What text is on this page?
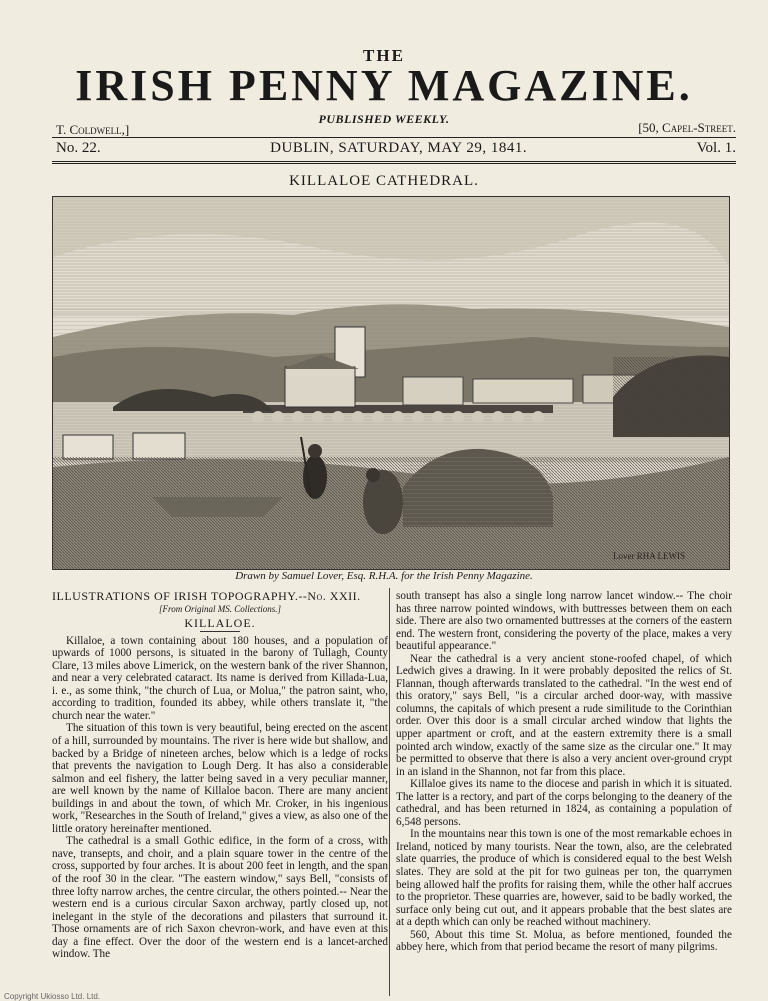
THE
IRISH PENNY MAGAZINE.
PUBLISHED WEEKLY.
T. Coldwell,]	[50, Capel-Street.
No. 22.	DUBLIN, SATURDAY, MAY 29, 1841.	Vol. 1.
KILLALOE CATHEDRAL.
Lover RHA LEWIS
Drawn by Samuel Lover, Esq. R.H.A. for the Irish Penny Magazine.
ILLUSTRATIONS OF IRISH TOPOGRAPHY.--No. XXII.
[From Original MS. Collections.]
KILLALOE.

Killaloe, a town containing about 180 houses, and a population of upwards of 1000 persons, is situated in the barony of Tullagh, County Clare, 13 miles above Limerick, on the western bank of the river Shannon, and near a very celebrated cataract. Its name is derived from Killada-Lua, i. e., as some think, "the church of Lua, or Molua," the patron saint, who, according to tradition, founded its abbey, while others translate it, "the church near the water."

The situation of this town is very beautiful, being erected on the ascent of a hill, surrounded by mountains. The river is here wide but shallow, and backed by a Bridge of nineteen arches, below which is a ledge of rocks that prevents the navigation to Lough Derg. It has also a considerable salmon and eel fishery, the latter being saved in a very peculiar manner, are well known by the name of Killaloe bacon. There are many ancient buildings in and about the town, of which Mr. Croker, in his ingenious work, "Researches in the South of Ireland," gives a view, as also one of the little oratory hereinafter mentioned.

The cathedral is a small Gothic edifice, in the form of a cross, with nave, transepts, and choir, and a plain square tower in the centre of the cross, supported by four arches. It is about 200 feet in length, and the span of the roof 30 in the clear. "The eastern window," says Bell, "consists of three lofty narrow arches, the centre circular, the others pointed.-- Near the western end is a curious circular Saxon archway, partly closed up, not inelegant in the style of the decorations and pilasters that surround it. Those ornaments are of rich Saxon chevron-work, and have even at this day a fine effect. Over the door of the western end is a lancet-arched window. The

south transept has also a single long narrow lancet window.-- The choir has three narrow pointed windows, with buttresses between them on each side. There are also two ornamented buttresses at the corners of the eastern end. The western front, considering the poverty of the place, makes a very beautiful appearance."

Near the cathedral is a very ancient stone-roofed chapel, of which Ledwich gives a drawing. In it were probably deposited the relics of St. Flannan, though afterwards translated to the cathedral. "In the west end of this oratory," says Bell, "is a circular arched door-way, with massive columns, the capitals of which present a rude similitude to the Corinthian order. Over this door is a small circular arched window that lights the upper apartment or croft, and at the eastern extremity there is a small pointed arch window, exactly of the same size as the circular one." It may be permitted to observe that there is also a very ancient over-ground crypt in an island in the Shannon, not far from this place.

Killaloe gives its name to the diocese and parish in which it is situated. The latter is a rectory, and part of the corps belonging to the deanery of the cathedral, and has been returned in 1824, as containing a population of 6,548 persons.

In the mountains near this town is one of the most remarkable echoes in Ireland, noticed by many tourists. Near the town, also, are the celebrated slate quarries, the produce of which is considered equal to the best Welsh slates. They are sold at the pit for two guineas per ton, the quarrymen being allowed half the profits for raising them, while the other half accrues to the proprietor. These quarries are, however, said to be badly worked, the surface only being cut out, and it appears probable that the best slates are at a depth which can only be reached without machinery.

560, About this time St. Molua, as before mentioned, founded the abbey here, which from that period became the resort of many pilgrims.

Copyright Ukiosso Ltd. Ltd.
